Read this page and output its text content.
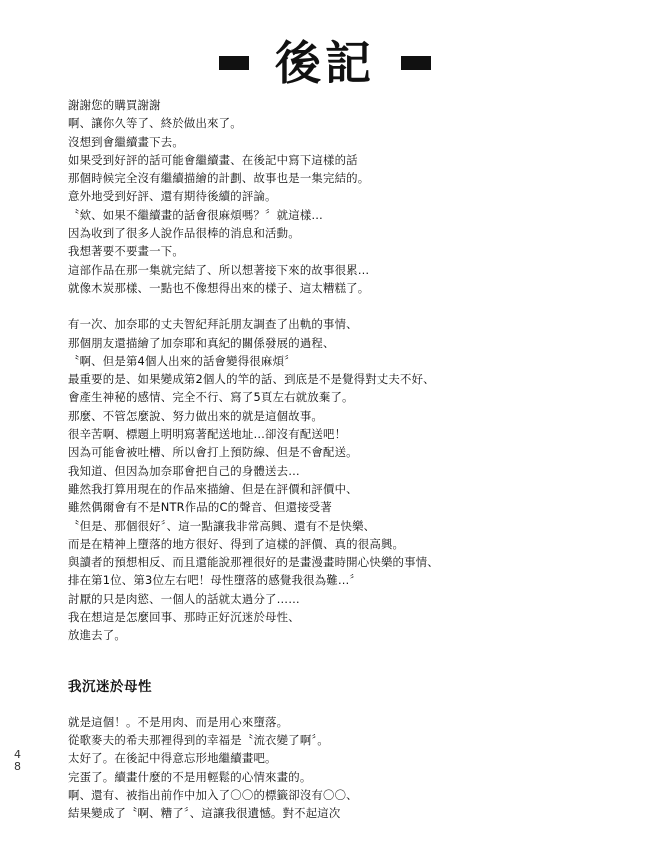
後記

謝謝您的購買謝謝

啊、讓你久等了、終於做出來了。

沒想到會繼續畫下去。

如果受到好評的話可能會繼續畫、在後記中寫下這樣的話

那個時候完全沒有繼續描繪的計劃、故事也是一集完結的。

意外地受到好評、還有期待後續的評論。

〝欸、如果不繼續畫的話會很麻煩嗎？〞就這樣…

因為收到了很多人說作品很棒的消息和活動。

我想著要不要畫一下。

這部作品在那一集就完結了、所以想著接下來的故事很累…

就像木炭那樣、一點也不像想得出來的樣子、這太糟糕了。

有一次、加奈耶的丈夫智紀拜託朋友調查了出軌的事情、

那個朋友還描繪了加奈耶和真紀的關係發展的過程、

〝啊、但是第4個人出來的話會變得很麻煩〞

最重要的是、如果變成第2個人的竿的話、到底是不是覺得對丈夫不好、

會產生神秘的感情、完全不行、寫了5頁左右就放棄了。

那麼、不管怎麼說、努力做出來的就是這個故事。

很辛苦啊、標題上明明寫著配送地址…卻沒有配送吧！

因為可能會被吐槽、所以會打上預防線、但是不會配送。

我知道、但因為加奈耶會把自己的身體送去…

雖然我打算用現在的作品來描繪、但是在評價和評價中、

雖然偶爾會有不是NTR作品的C的聲音、但還接受著

〝但是、那個很好〞、這一點讓我非常高興、還有不是快樂、

而是在精神上墮落的地方很好、得到了這樣的評價、真的很高興。

與讀者的預想相反、而且還能說那裡很好的是畫漫畫時開心快樂的事情、

排在第1位、第3位左右吧！母性墮落的感覺我很為難…〞

討厭的只是肉慾、一個人的話就太過分了……

我在想這是怎麼回事、那時正好沉迷於母性、

放進去了。

我沉迷於母性

就是這個！。不是用肉、而是用心來墮落。

從歌麥夫的希夫那裡得到的幸福是〝流衣變了啊〞。

太好了。在後記中得意忘形地繼續畫吧。

完蛋了。續畫什麼的不是用輕鬆的心情來畫的。

啊、還有、被指出前作中加入了〇〇的標籤卻沒有〇〇、

結果變成了〝啊、糟了〞、這讓我很遺憾。對不起這次

48
